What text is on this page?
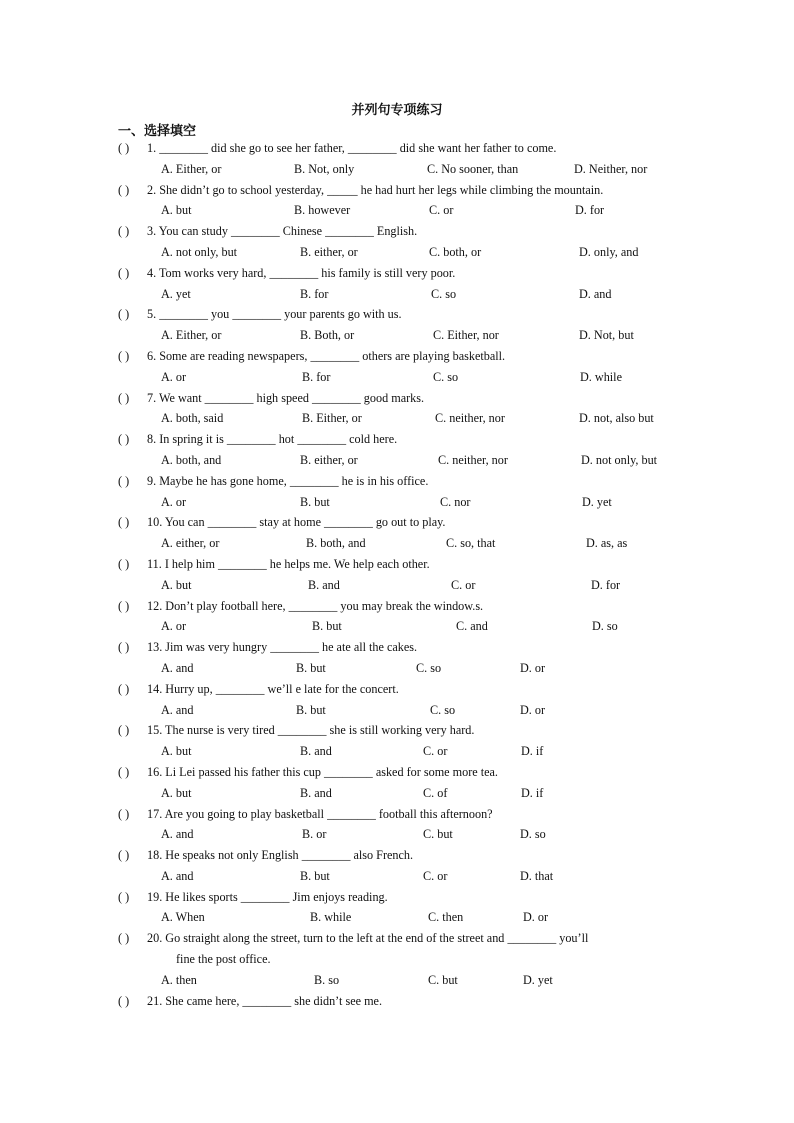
并列句专项练习
一、选择填空
( ) 1. ________ did she go to see her father, ________ did she want her father to come.
A. Either, or	B. Not, only	C. No sooner, than	D. Neither, nor
( ) 2. She didn’t go to school yesterday, _____ he had hurt her legs while climbing the mountain.
A. but	B. however	C. or	D. for
( ) 3. You can study ________ Chinese ________ English.
A. not only, but	B. either, or	C. both, or	D. only, and
( ) 4. Tom works very hard, ________ his family is still very poor.
A. yet	B. for	C. so	D. and
( ) 5. ________ you ________ your parents go with us.
A. Either, or	B. Both, or	C. Either, nor	D. Not, but
( ) 6. Some are reading newspapers, ________ others are playing basketball.
A. or	B. for	C. so	D. while
( ) 7. We want ________ high speed ________ good marks.
A. both, said	B. Either, or	C. neither, nor	D. not, also but
( ) 8. In spring it is ________ hot ________ cold here.
A. both, and	B. either, or	C. neither, nor	D. not only, but
( ) 9. Maybe he has gone home, ________ he is in his office.
A. or	B. but	C. nor	D. yet
( ) 10. You can ________ stay at home ________ go out to play.
A. either, or	B. both, and	C. so, that	D. as, as
( ) 11. I help him ________ he helps me. We help each other.
A. but	B. and	C. or	D. for
( ) 12. Don’t play football here, ________ you may break the window.s.
A. or	B. but	C. and	D. so
( ) 13. Jim was very hungry ________ he ate all the cakes.
A. and	B. but	C. so	D. or
( ) 14. Hurry up, ________ we’ll e late for the concert.
A. and	B. but	C. so	D. or
( ) 15. The nurse is very tired ________ she is still working very hard.
A. but	B. and	C. or	D. if
( ) 16. Li Lei passed his father this cup ________ asked for some more tea.
A. but	B. and	C. of	D. if
( ) 17. Are you going to play basketball ________ football this afternoon?
A. and	B. or	C. but	D. so
( ) 18. He speaks not only English ________ also French.
A. and	B. but	C. or	D. that
( ) 19. He likes sports ________ Jim enjoys reading.
A. When	B. while	C. then	D. or
( ) 20. Go straight along the street, turn to the left at the end of the street and ________ you’ll
fine the post office.
A. then	B. so	C. but	D. yet
( ) 21. She came here, ________ she didn’t see me.
